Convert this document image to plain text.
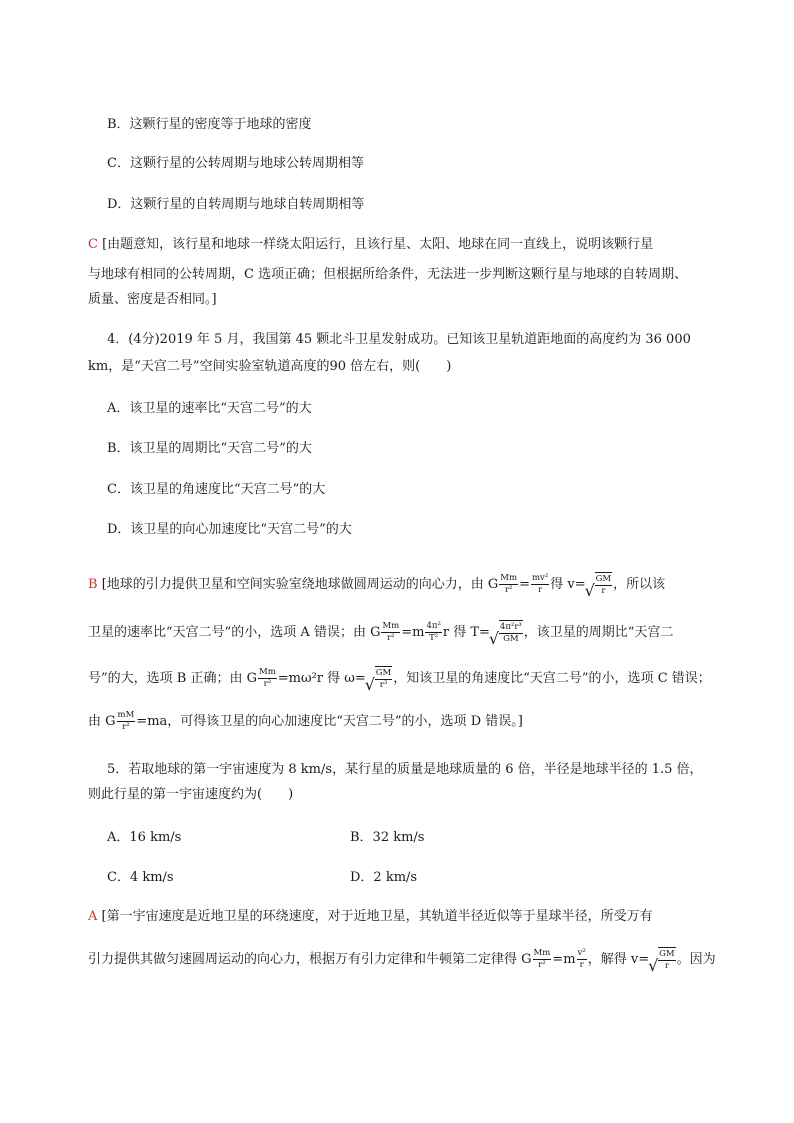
B．这颗行星的密度等于地球的密度
C．这颗行星的公转周期与地球公转周期相等
D．这颗行星的自转周期与地球自转周期相等
C [由题意知，该行星和地球一样绕太阳运行，且该行星、太阳、地球在同一直线上，说明该颗行星
与地球有相同的公转周期，C 选项正确；但根据所给条件，无法进一步判断这颗行星与地球的自转周期、
质量、密度是否相同。]
4．(4分)2019 年 5 月，我国第 45 颗北斗卫星发射成功。已知该卫星轨道距地面的高度约为 36 000
km，是“天宫二号”空间实验室轨道高度的90 倍左右，则(　　)
A．该卫星的速率比“天宫二号”的大
B．该卫星的周期比“天宫二号”的大
C．该卫星的角速度比“天宫二号”的大
D．该卫星的向心加速度比“天宫二号”的大
B [地球的引力提供卫星和空间实验室绕地球做圆周运动的向心力，由 G $\frac{Mm}{\text{r²}} = \frac{\text{mv²}}{r}$ 得 v= √ $\frac{GM}{r}$ ，所以该
卫星的速率比“天宫二号”的小，选项 A 错误；由 G $\frac{Mm}{\text{r²}} =m \frac{\text{4π²}}{\text{T²}}$ r 得 T= √ $\frac{\text{4π²r³}}{GM}$ ，该卫星的周期比“天宫二
号”的大，选项 B 正确；由 G $\frac{Mm}{\text{r²}} =m\omega^2r$ 得 ω= √ $\frac{GM}{\text{r³}}$ ，知该卫星的角速度比“天宫二号”的小，选项 C 错误；
由 G $\frac{mM}{\text{r²}} =ma$，可得该卫星的向心加速度比“天宫二号”的小，选项 D 错误。]
5．若取地球的第一宇宙速度为 8 km/s，某行星的质量是地球质量的 6 倍，半径是地球半径的 1.5 倍，
则此行星的第一宇宙速度约为(　　)
A．16 km/s	B．32 km/s
C．4 km/s	D．2 km/s
A [第一宇宙速度是近地卫星的环绕速度，对于近地卫星，其轨道半径近似等于星球半径，所受万有
引力提供其做匀速圆周运动的向心力，根据万有引力定律和牛顿第二定律得 G $\frac{Mm}{\text{r²}} =m \frac{\text{v²}}{r}$ ，解得 v= √ $\frac{GM}{r}$ 。因为
